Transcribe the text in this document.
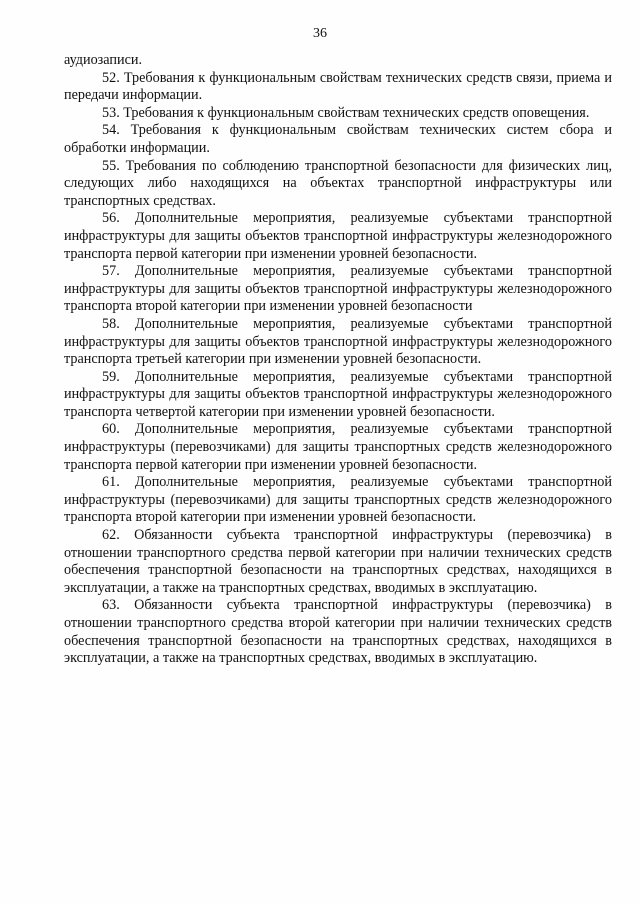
36

аудиозаписи.

52. Требования к функциональным свойствам технических средств связи, приема и передачи информации.

53. Требования к функциональным свойствам технических средств оповещения.

54. Требования к функциональным свойствам технических систем сбора и обработки информации.

55. Требования по соблюдению транспортной безопасности для физических лиц, следующих либо находящихся на объектах транспортной инфраструктуры или транспортных средствах.

56. Дополнительные мероприятия, реализуемые субъектами транспортной инфраструктуры для защиты объектов транспортной инфраструктуры железнодорожного транспорта первой категории при изменении уровней безопасности.

57. Дополнительные мероприятия, реализуемые субъектами транспортной инфраструктуры для защиты объектов транспортной инфраструктуры железнодорожного транспорта второй категории при изменении уровней безопасности

58. Дополнительные мероприятия, реализуемые субъектами транспортной инфраструктуры для защиты объектов транспортной инфраструктуры железнодорожного транспорта третьей категории при изменении уровней безопасности.

59. Дополнительные мероприятия, реализуемые субъектами транспортной инфраструктуры для защиты объектов транспортной инфраструктуры железнодорожного транспорта четвертой категории при изменении уровней безопасности.

60. Дополнительные мероприятия, реализуемые субъектами транспортной инфраструктуры (перевозчиками) для защиты транспортных средств железнодорожного транспорта первой категории при изменении уровней безопасности.

61. Дополнительные мероприятия, реализуемые субъектами транспортной инфраструктуры (перевозчиками) для защиты транспортных средств железнодорожного транспорта второй категории при изменении уровней безопасности.

62. Обязанности субъекта транспортной инфраструктуры (перевозчика) в отношении транспортного средства первой категории при наличии технических средств обеспечения транспортной безопасности на транспортных средствах, находящихся в эксплуатации, а также на транспортных средствах, вводимых в эксплуатацию.

63. Обязанности субъекта транспортной инфраструктуры (перевозчика) в отношении транспортного средства второй категории при наличии технических средств обеспечения транспортной безопасности на транспортных средствах, находящихся в эксплуатации, а также на транспортных средствах, вводимых в эксплуатацию.
